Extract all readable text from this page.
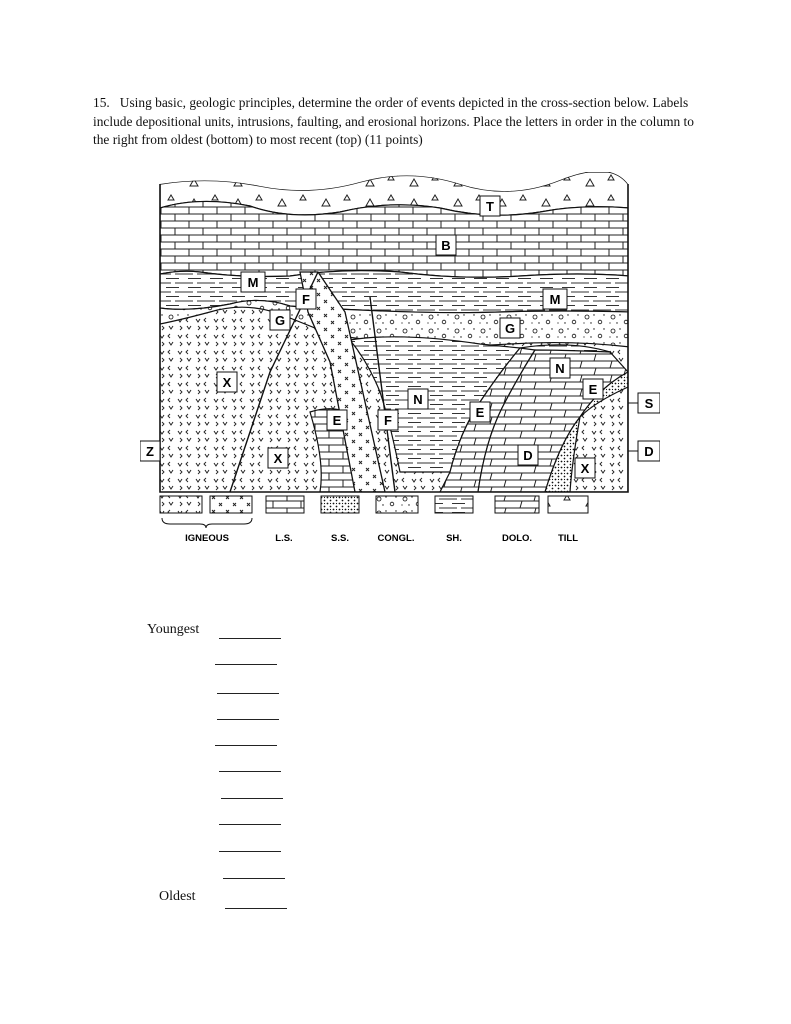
15. Using basic, geologic principles, determine the order of events depicted in the cross-section below. Labels include depositional units, intrusions, faulting, and erosional horizons. Place the letters in order in the column to the right from oldest (bottom) to most recent (top) (11 points)

T
B
M
M
F
G
G
N
X	E
N
E
E	F
X	D
X
S
D
Z
IGNEOUS	L.S.	S.S.	CONGL.	SH.	DOLO.	TILL
Youngest
Oldest
